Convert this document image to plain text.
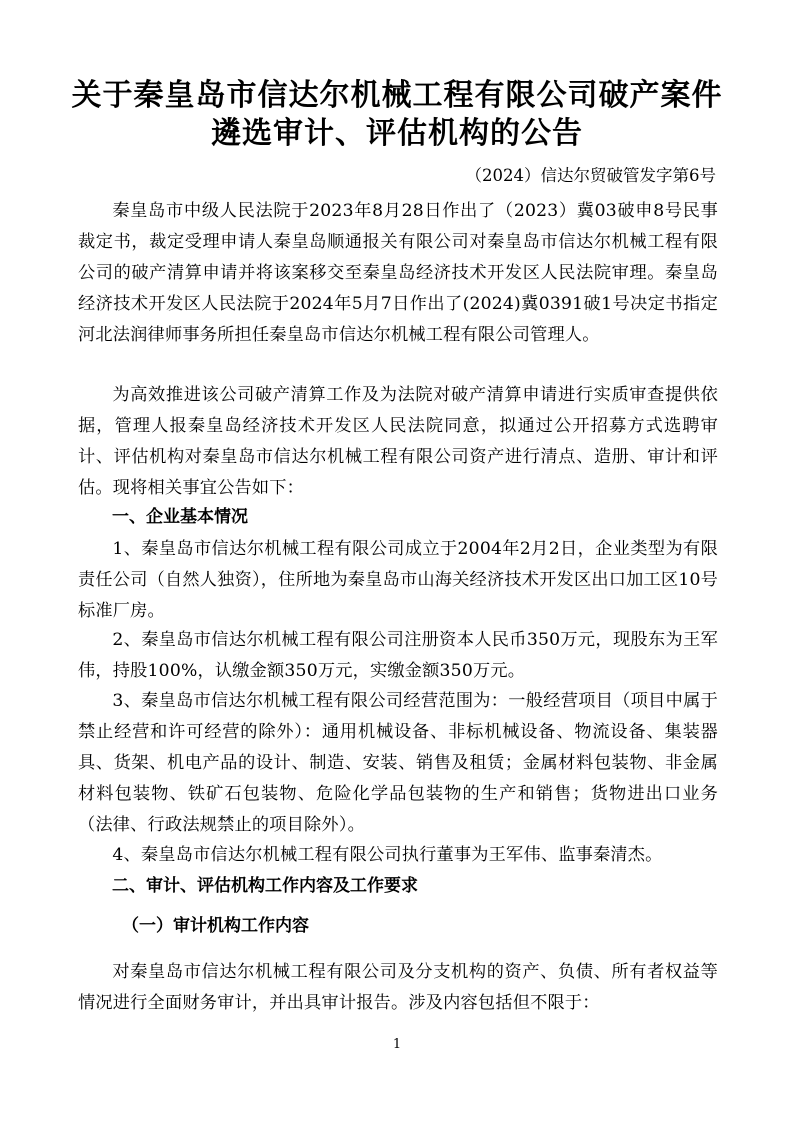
关于秦皇岛市信达尔机械工程有限公司破产案件
遴选审计、评估机构的公告
（2024）信达尔贸破管发字第6号

秦皇岛市中级人民法院于2023年8月28日作出了（2023）冀03破申8号民事裁定书，裁定受理申请人秦皇岛顺通报关有限公司对秦皇岛市信达尔机械工程有限公司的破产清算申请并将该案移交至秦皇岛经济技术开发区人民法院审理。秦皇岛经济技术开发区人民法院于2024年5月7日作出了(2024)冀0391破1号决定书指定河北法润律师事务所担任秦皇岛市信达尔机械工程有限公司管理人。

为高效推进该公司破产清算工作及为法院对破产清算申请进行实质审查提供依据，管理人报秦皇岛经济技术开发区人民法院同意，拟通过公开招募方式选聘审计、评估机构对秦皇岛市信达尔机械工程有限公司资产进行清点、造册、审计和评估。现将相关事宜公告如下：

一、企业基本情况

1、秦皇岛市信达尔机械工程有限公司成立于2004年2月2日，企业类型为有限责任公司（自然人独资），住所地为秦皇岛市山海关经济技术开发区出口加工区10号标准厂房。

2、秦皇岛市信达尔机械工程有限公司注册资本人民币350万元，现股东为王军伟，持股100%，认缴金额350万元，实缴金额350万元。

3、秦皇岛市信达尔机械工程有限公司经营范围为：一般经营项目（项目中属于禁止经营和许可经营的除外）：通用机械设备、非标机械设备、物流设备、集装器具、货架、机电产品的设计、制造、安装、销售及租赁；金属材料包装物、非金属材料包装物、铁矿石包装物、危险化学品包装物的生产和销售；货物进出口业务（法律、行政法规禁止的项目除外）。

4、秦皇岛市信达尔机械工程有限公司执行董事为王军伟、监事秦清杰。

二、审计、评估机构工作内容及工作要求
（一）审计机构工作内容

对秦皇岛市信达尔机械工程有限公司及分支机构的资产、负债、所有者权益等情况进行全面财务审计，并出具审计报告。涉及内容包括但不限于：

1
